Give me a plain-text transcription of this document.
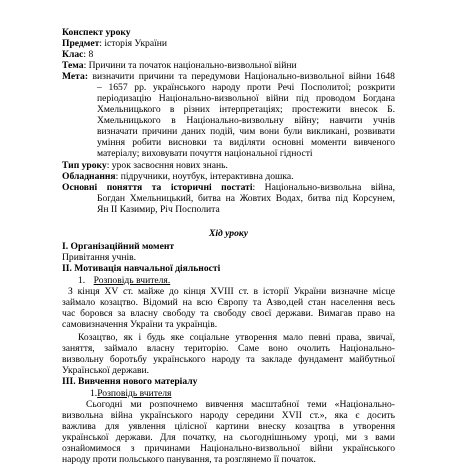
Конспект уроку
Предмет: історія України
Клас: 8
Тема: Причини та початок національно-визвольної війни
Мета: визначити причини та передумови Національно-визвольної війни 1648
– 1657 рр. українського народу проти Речі Посполитої; розкрити
періодизацію Національно-визвольної війни під проводом Богдана
Хмельницького в різних інтерпретаціях; простежити внесок Б.
Хмельницького в Національно-визвольну війну; навчити учнів
визначати причини даних подій, чим вони були викликані, розвивати
уміння робити висновки та виділяти основні моменти вивченого
матеріалу; виховувати почуття національної гідності
Тип уроку: урок засвоєння нових знань.
Обладнання: підручники, ноутбук, інтерактивна дошка.
Основні поняття та історичні постаті: Національно-визвольна війна,
Богдан Хмельницький, битва на Жовтих Водах, битва під Корсунем,
Ян ІІ Казимир, Річ Посполита
Хід уроку
І. Організаційний момент
Привітання учнів.
ІІ. Мотивація навчальної діяльності
1. Розповідь вчителя.
З кінця XV ст. майже до кінця XVIII ст. в історії України визначне місце
займало козацтво. Відомий на всю Європу та Азво,цей стан населення весь
час боровся за власну свободу та свободу своєї держави. Вимагав право на
самовизначення України та українців.
Козацтво, як і будь яке соціальне утворення мало певні права, звичаї,
заняття, займало власну територію. Саме воно очолить Національно-
визвольну боротьбу українського народу та закладе фундамент майбутньої
Української держави.
ІІІ. Вивчення нового матеріалу
1.Розповідь вчителя
Сьогодні ми розпочнемо вивчення масштабної теми «Національно-
визвольна війна українського народу середини XVII ст.», яка є досить
важлива для уявлення цілісної картини внеску козацтва в утворення
української держави. Для початку, на сьогоднішньому уроці, ми з вами
ознайомимося з причинами Національно-визвольної війни українського
народу проти польського панування, та розглянемо її початок.
